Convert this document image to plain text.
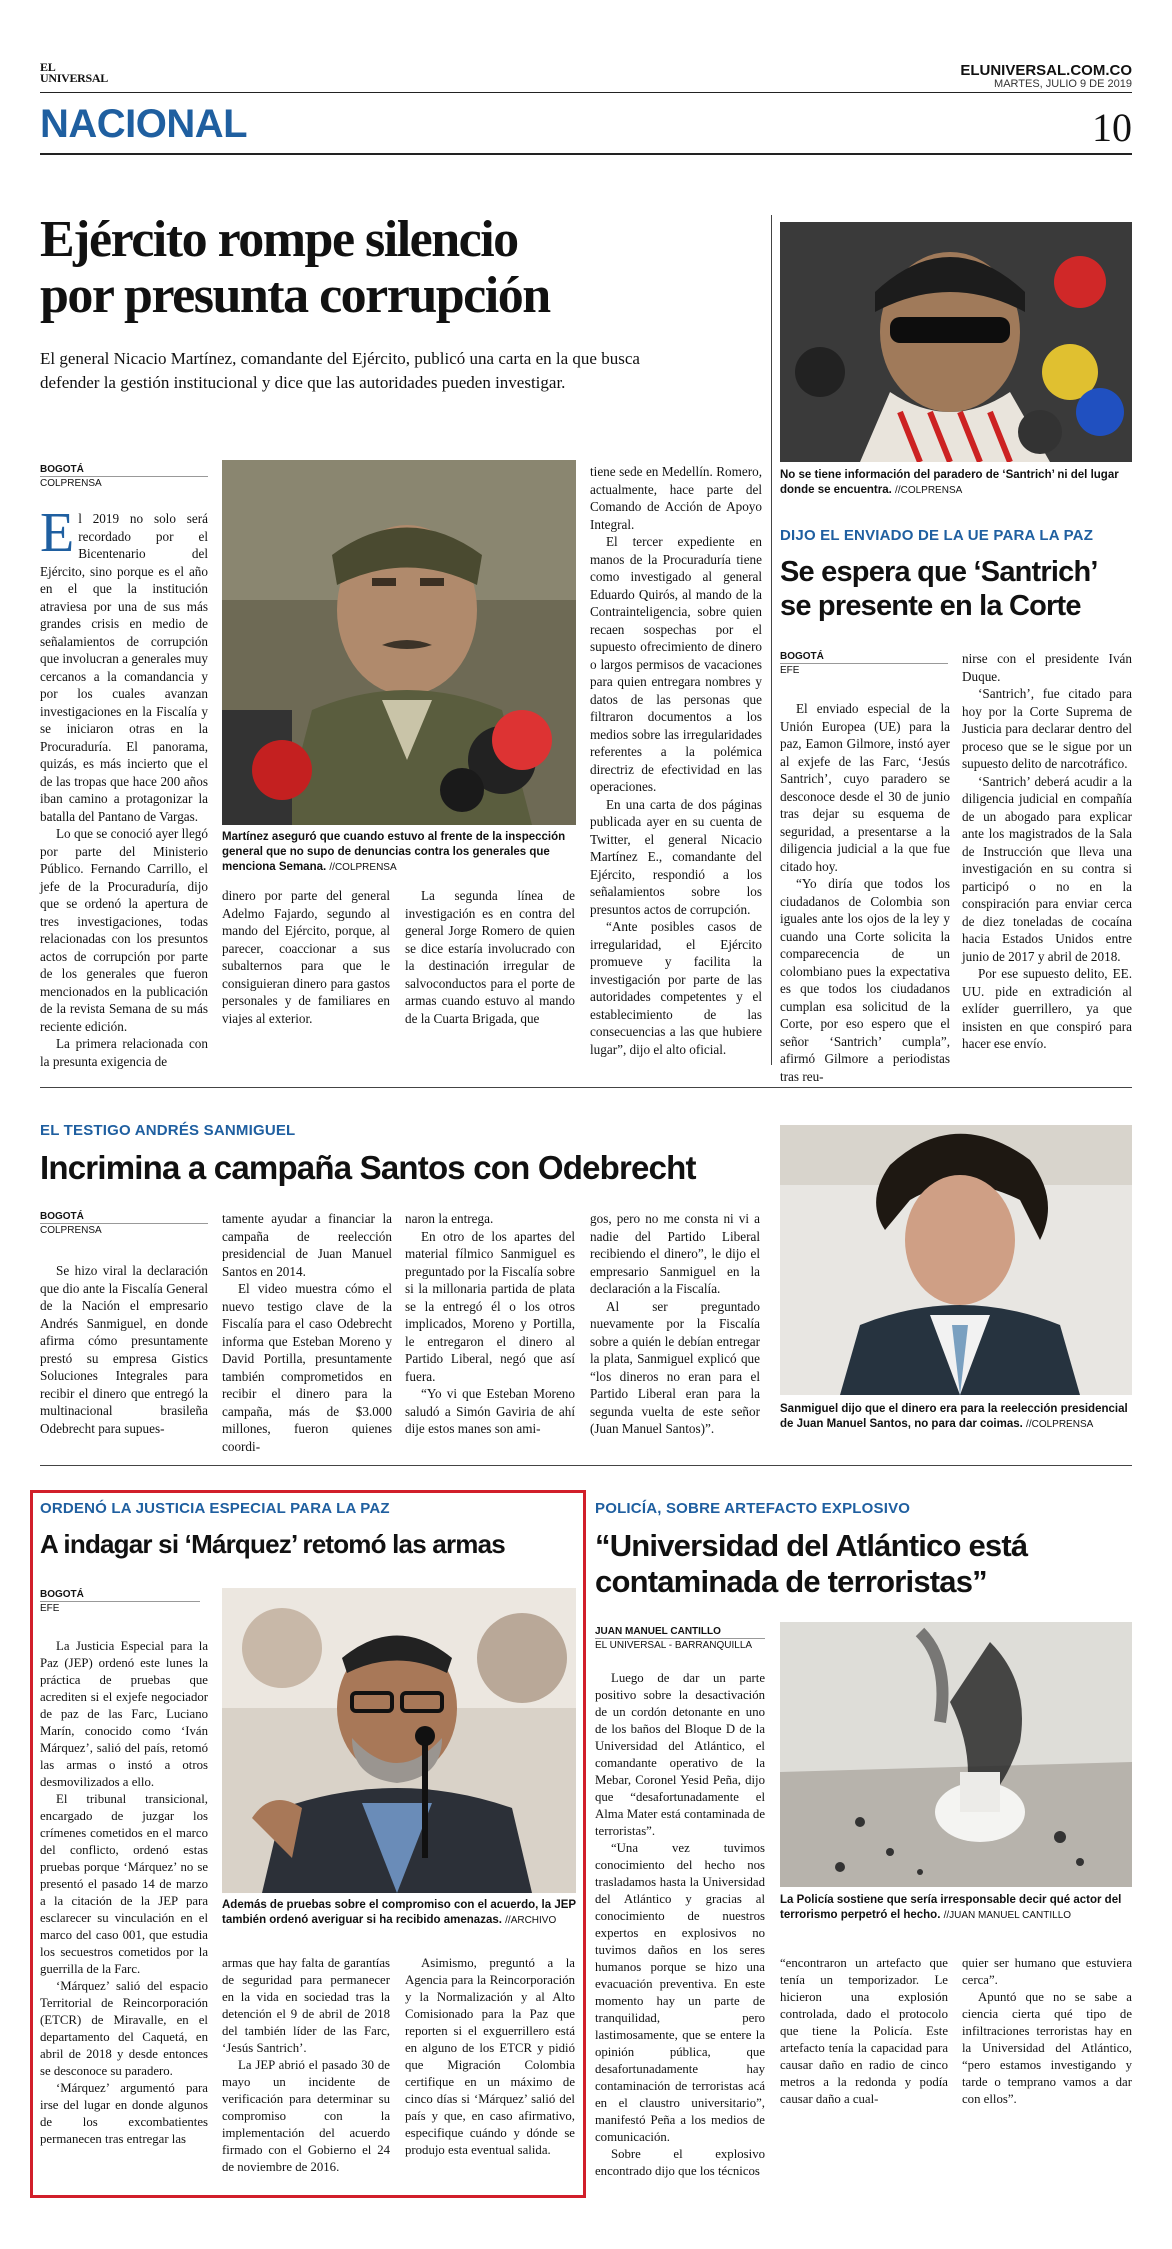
EL
UNIVERSAL	ELUNIVERSAL.COM.CO
MARTES, JULIO 9 DE 2019
NACIONAL	10
Ejército rompe silencio
por presunta corrupción
El general Nicacio Martínez, comandante del Ejército, publicó una carta en la que busca defender la gestión institucional y dice que las autoridades pueden investigar.
BOGOTÁ
COLPRENSA
El 2019 no solo será recordado por el Bicentenario del Ejército, sino porque es el año en el que la institución atraviesa por una de sus más grandes crisis en medio de señalamientos de corrupción que involucran a generales muy cercanos a la comandancia y por los cuales avanzan investigaciones en la Fiscalía y se iniciaron otras en la Procuraduría. El panorama, quizás, es más incierto que el de las tropas que hace 200 años iban camino a protagonizar la batalla del Pantano de Vargas.

Lo que se conoció ayer llegó por parte del Ministerio Público. Fernando Carrillo, el jefe de la Procuraduría, dijo que se ordenó la apertura de tres investigaciones, todas relacionadas con los presuntos actos de corrupción por parte de los generales que fueron mencionados en la publicación de la revista Semana de su más reciente edición.

La primera relacionada con la presunta exigencia de

Martínez aseguró que cuando estuvo al frente de la inspección general que no supo de denuncias contra los generales que menciona Semana. //COLPRENSA
dinero por parte del general Adelmo Fajardo, segundo al mando del Ejército, porque, al parecer, coaccionar a sus subalternos para que le consiguieran dinero para gastos personales y de familiares en viajes al exterior.
La segunda línea de investigación es en contra del general Jorge Romero de quien se dice estaría involucrado con la destinación irregular de salvoconductos para el porte de armas cuando estuvo al mando de la Cuarta Brigada, que

tiene sede en Medellín. Romero, actualmente, hace parte del Comando de Acción de Apoyo Integral.

El tercer expediente en manos de la Procuraduría tiene como investigado al general Eduardo Quirós, al mando de la Contrainteligencia, sobre quien recaen sospechas por el supuesto ofrecimiento de dinero o largos permisos de vacaciones para quien entregara nombres y datos de las personas que filtraron documentos a los medios sobre las irregularidades referentes a la polémica directriz de efectividad en las operaciones.

En una carta de dos páginas publicada ayer en su cuenta de Twitter, el general Nicacio Martínez E., comandante del Ejército, respondió a los señalamientos sobre los presuntos actos de corrupción.

“Ante posibles casos de irregularidad, el Ejército promueve y facilita la investigación por parte de las autoridades competentes y el establecimiento de las consecuencias a las que hubiere lugar”, dijo el alto oficial.

No se tiene información del paradero de ‘Santrich’ ni del lugar donde se encuentra. //COLPRENSA
DIJO EL ENVIADO DE LA UE PARA LA PAZ
Se espera que ‘Santrich’
se presente en la Corte
BOGOTÁ
EFE

El enviado especial de la Unión Europea (UE) para la paz, Eamon Gilmore, instó ayer al exjefe de las Farc, ‘Jesús Santrich’, cuyo paradero se desconoce desde el 30 de junio tras dejar su esquema de seguridad, a presentarse a la diligencia judicial a la que fue citado hoy.

“Yo diría que todos los ciudadanos de Colombia son iguales ante los ojos de la ley y cuando una Corte solicita la comparecencia de un colombiano pues la expectativa es que todos los ciudadanos cumplan esa solicitud de la Corte, por eso espero que el señor ‘Santrich’ cumpla”, afirmó Gilmore a periodistas tras reu-

nirse con el presidente Iván Duque.

‘Santrich’, fue citado para hoy por la Corte Suprema de Justicia para declarar dentro del proceso que se le sigue por un supuesto delito de narcotráfico.

‘Santrich’ deberá acudir a la diligencia judicial en compañía de un abogado para explicar ante los magistrados de la Sala de Instrucción que lleva una investigación en su contra si participó o no en la conspiración para enviar cerca de diez toneladas de cocaína hacia Estados Unidos entre junio de 2017 y abril de 2018.

Por ese supuesto delito, EE. UU. pide en extradición al exlíder guerrillero, ya que insisten en que conspiró para hacer ese envío.

EL TESTIGO ANDRÉS SANMIGUEL
Incrimina a campaña Santos con Odebrecht
BOGOTÁ
COLPRENSA
Se hizo viral la declaración que dio ante la Fiscalía General de la Nación el empresario Andrés Sanmiguel, en donde afirma cómo presuntamente prestó su empresa Gistics Soluciones Integrales para recibir el dinero que entregó la multinacional brasileña Odebrecht para supues-

tamente ayudar a financiar la campaña de reelección presidencial de Juan Manuel Santos en 2014.

El video muestra cómo el nuevo testigo clave de la Fiscalía para el caso Odebrecht informa que Esteban Moreno y David Portilla, presuntamente también comprometidos en recibir el dinero para la campaña, más de $3.000 millones, fueron quienes coordi-

naron la entrega.

En otro de los apartes del material fílmico Sanmiguel es preguntado por la Fiscalía sobre si la millonaria partida de plata se la entregó él o los otros implicados, Moreno y Portilla, le entregaron el dinero al Partido Liberal, negó que así fuera.

“Yo vi que Esteban Moreno saludó a Simón Gaviria de ahí dije estos manes son ami-

gos, pero no me consta ni vi a nadie del Partido Liberal recibiendo el dinero”, le dijo el empresario Sanmiguel en la declaración a la Fiscalía.

Al ser preguntado nuevamente por la Fiscalía sobre a quién le debían entregar la plata, Sanmiguel explicó que “los dineros no eran para el Partido Liberal eran para la segunda vuelta de este señor (Juan Manuel Santos)”.

Sanmiguel dijo que el dinero era para la reelección presidencial de Juan Manuel Santos, no para dar coimas. //COLPRENSA
ORDENÓ LA JUSTICIA ESPECIAL PARA LA PAZ
A indagar si ‘Márquez’ retomó las armas
BOGOTÁ
EFE

La Justicia Especial para la Paz (JEP) ordenó este lunes la práctica de pruebas que acrediten si el exjefe negociador de paz de las Farc, Luciano Marín, conocido como ‘Iván Márquez’, salió del país, retomó las armas o instó a otros desmovilizados a ello.

El tribunal transicional, encargado de juzgar los crímenes cometidos en el marco del conflicto, ordenó estas pruebas porque ‘Márquez’ no se presentó el pasado 14 de marzo a la citación de la JEP para esclarecer su vinculación en el marco del caso 001, que estudia los secuestros cometidos por la guerrilla de la Farc.

‘Márquez’ salió del espacio Territorial de Reincorporación (ETCR) de Miravalle, en el departamento del Caquetá, en abril de 2018 y desde entonces se desconoce su paradero.

‘Márquez’ argumentó para irse del lugar en donde algunos de los excombatientes permanecen tras entregar las

Además de pruebas sobre el compromiso con el acuerdo, la JEP también ordenó averiguar si ha recibido amenazas. //ARCHIVO

armas que hay falta de garantías de seguridad para permanecer en la vida en sociedad tras la detención el 9 de abril de 2018 del también líder de las Farc, ‘Jesús Santrich’.

La JEP abrió el pasado 30 de mayo un incidente de verificación para determinar su compromiso con la implementación del acuerdo firmado con el Gobierno el 24 de noviembre de 2016.

Asimismo, preguntó a la Agencia para la Reincorporación y la Normalización y al Alto Comisionado para la Paz que reporten si el exguerrillero está en alguno de los ETCR y pidió que Migración Colombia certifique en un máximo de cinco días si ‘Márquez’ salió del país y que, en caso afirmativo, especifique cuándo y dónde se produjo esta eventual salida.
POLICÍA, SOBRE ARTEFACTO EXPLOSIVO
“Universidad del Atlántico está
contaminada de terroristas”
JUAN MANUEL CANTILLO
EL UNIVERSAL - BARRANQUILLA

Luego de dar un parte positivo sobre la desactivación de un cordón detonante en uno de los baños del Bloque D de la Universidad del Atlántico, el comandante operativo de la Mebar, Coronel Yesid Peña, dijo que “desafortunadamente el Alma Mater está contaminada de terroristas”.

“Una vez tuvimos conocimiento del hecho nos trasladamos hasta la Universidad del Atlántico y gracias al conocimiento de nuestros expertos en explosivos no tuvimos daños en los seres humanos porque se hizo una evacuación preventiva. En este momento hay un parte de tranquilidad, pero lastimosamente, que se entere la opinión pública, que desafortunadamente hay contaminación de terroristas acá en el claustro universitario”, manifestó Peña a los medios de comunicación.

Sobre el explosivo encontrado dijo que los técnicos

La Policía sostiene que sería irresponsable decir qué actor del terrorismo perpetró el hecho. //JUAN MANUEL CANTILLO
“encontraron un artefacto que tenía un temporizador. Le hicieron una explosión controlada, dado el protocolo que tiene la Policía. Este artefacto tenía la capacidad para causar daño en radio de cinco metros a la redonda y podía causar daño a cual-

quier ser humano que estuviera cerca”.

Apuntó que no se sabe a ciencia cierta qué tipo de infiltraciones terroristas hay en la Universidad del Atlántico, “pero estamos investigando y tarde o temprano vamos a dar con ellos”.
